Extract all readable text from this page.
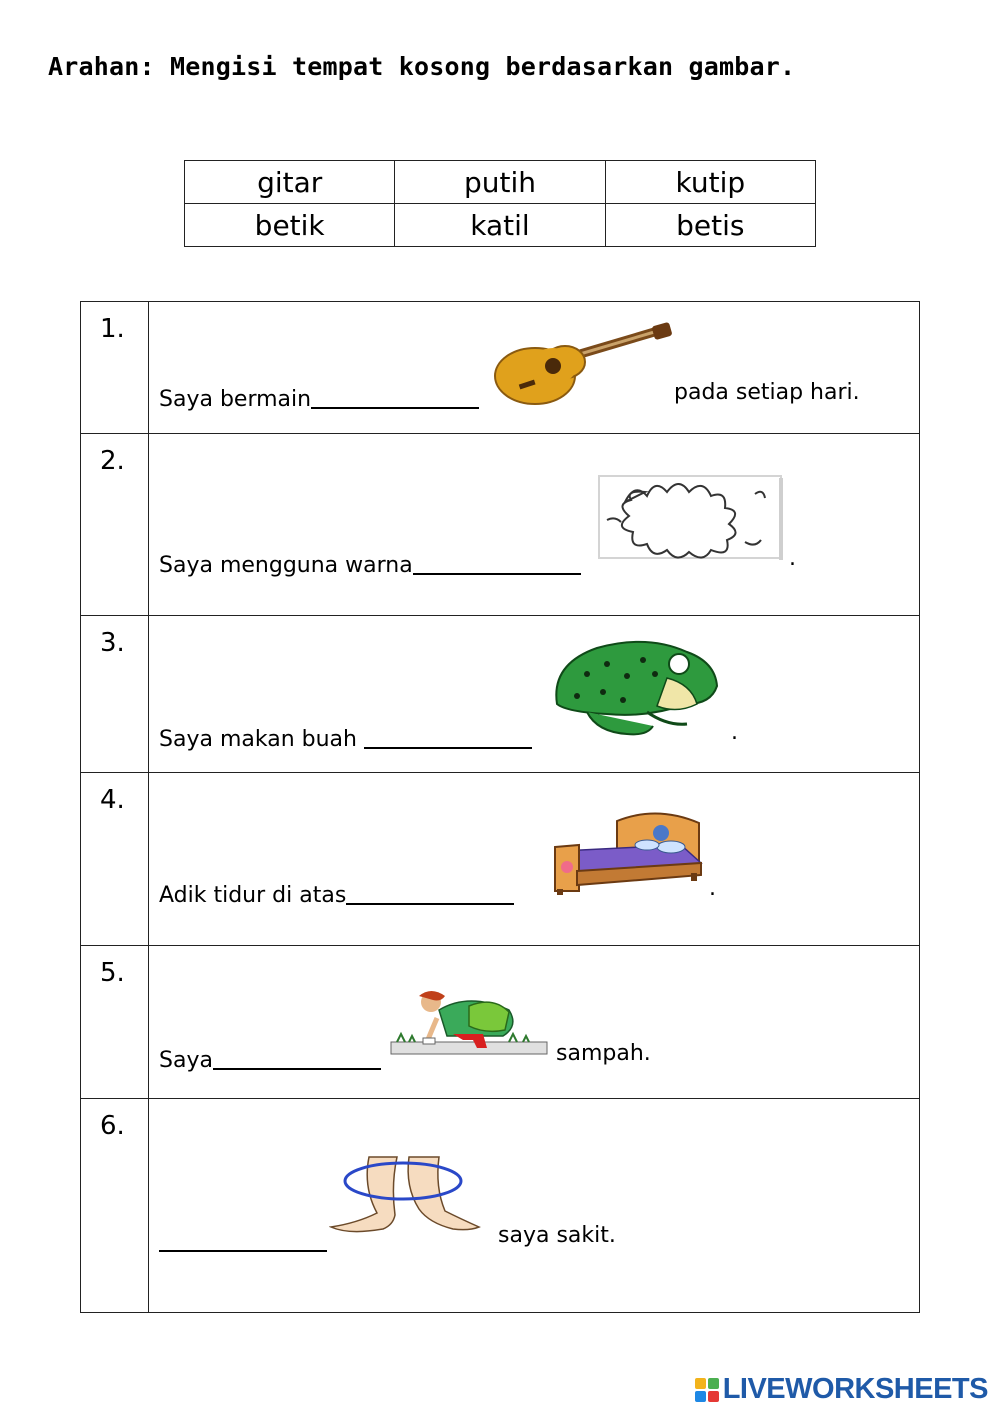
Arahan: Mengisi tempat kosong berdasarkan gambar.

gitar	putih	kutip
betik	katil	betis
1.	Saya bermain pada setiap hari.

2.	Saya mengguna warna .

3.	Saya makan buah .

4.	Adik tidur di atas .

5.	Saya sampah.

6.	saya sakit.
LIVEWORKSHEETS
